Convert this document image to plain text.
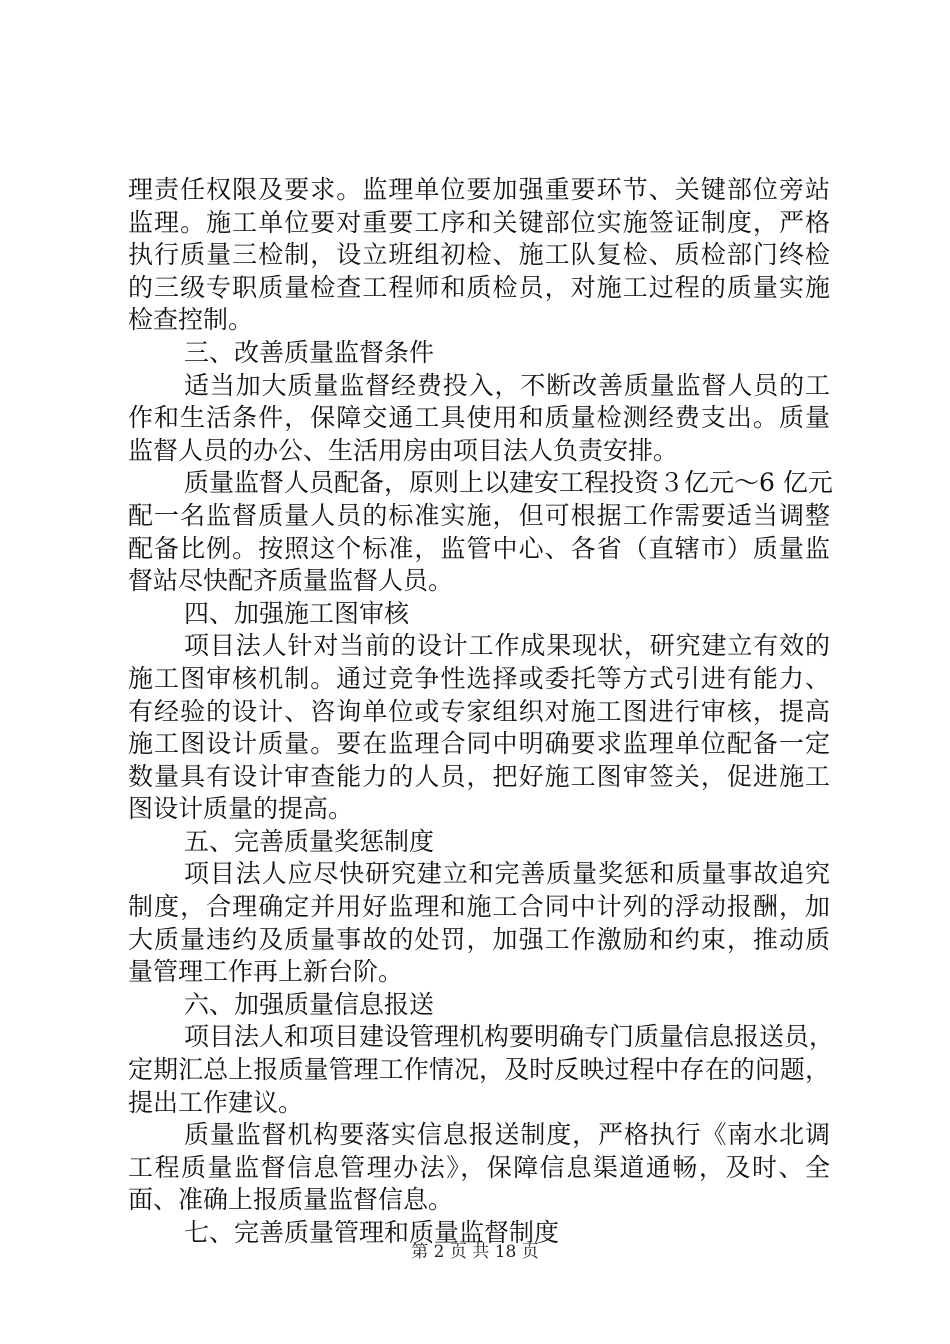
理责任权限及要求。监理单位要加强重要环节、关键部位旁站
监理。施工单位要对重要工序和关键部位实施签证制度，严格
执行质量三检制，设立班组初检、施工队复检、质检部门终检
的三级专职质量检查工程师和质检员，对施工过程的质量实施
检查控制。
三、改善质量监督条件
适当加大质量监督经费投入，不断改善质量监督人员的工
作和生活条件，保障交通工具使用和质量检测经费支出。质量
监督人员的办公、生活用房由项目法人负责安排。
质量监督人员配备，原则上以建安工程投资３亿元～6 亿元
配一名监督质量人员的标准实施，但可根据工作需要适当调整
配备比例。按照这个标准，监管中心、各省（直辖市）质量监
督站尽快配齐质量监督人员。
四、加强施工图审核
项目法人针对当前的设计工作成果现状，研究建立有效的
施工图审核机制。通过竞争性选择或委托等方式引进有能力、
有经验的设计、咨询单位或专家组织对施工图进行审核，提高
施工图设计质量。要在监理合同中明确要求监理单位配备一定
数量具有设计审查能力的人员，把好施工图审签关，促进施工
图设计质量的提高。
五、完善质量奖惩制度
项目法人应尽快研究建立和完善质量奖惩和质量事故追究
制度，合理确定并用好监理和施工合同中计列的浮动报酬，加
大质量违约及质量事故的处罚，加强工作激励和约束，推动质
量管理工作再上新台阶。
六、加强质量信息报送
项目法人和项目建设管理机构要明确专门质量信息报送员，
定期汇总上报质量管理工作情况，及时反映过程中存在的问题，
提出工作建议。
质量监督机构要落实信息报送制度，严格执行《南水北调
工程质量监督信息管理办法》，保障信息渠道通畅，及时、全
面、准确上报质量监督信息。
七、完善质量管理和质量监督制度
第 2 页 共 18 页
